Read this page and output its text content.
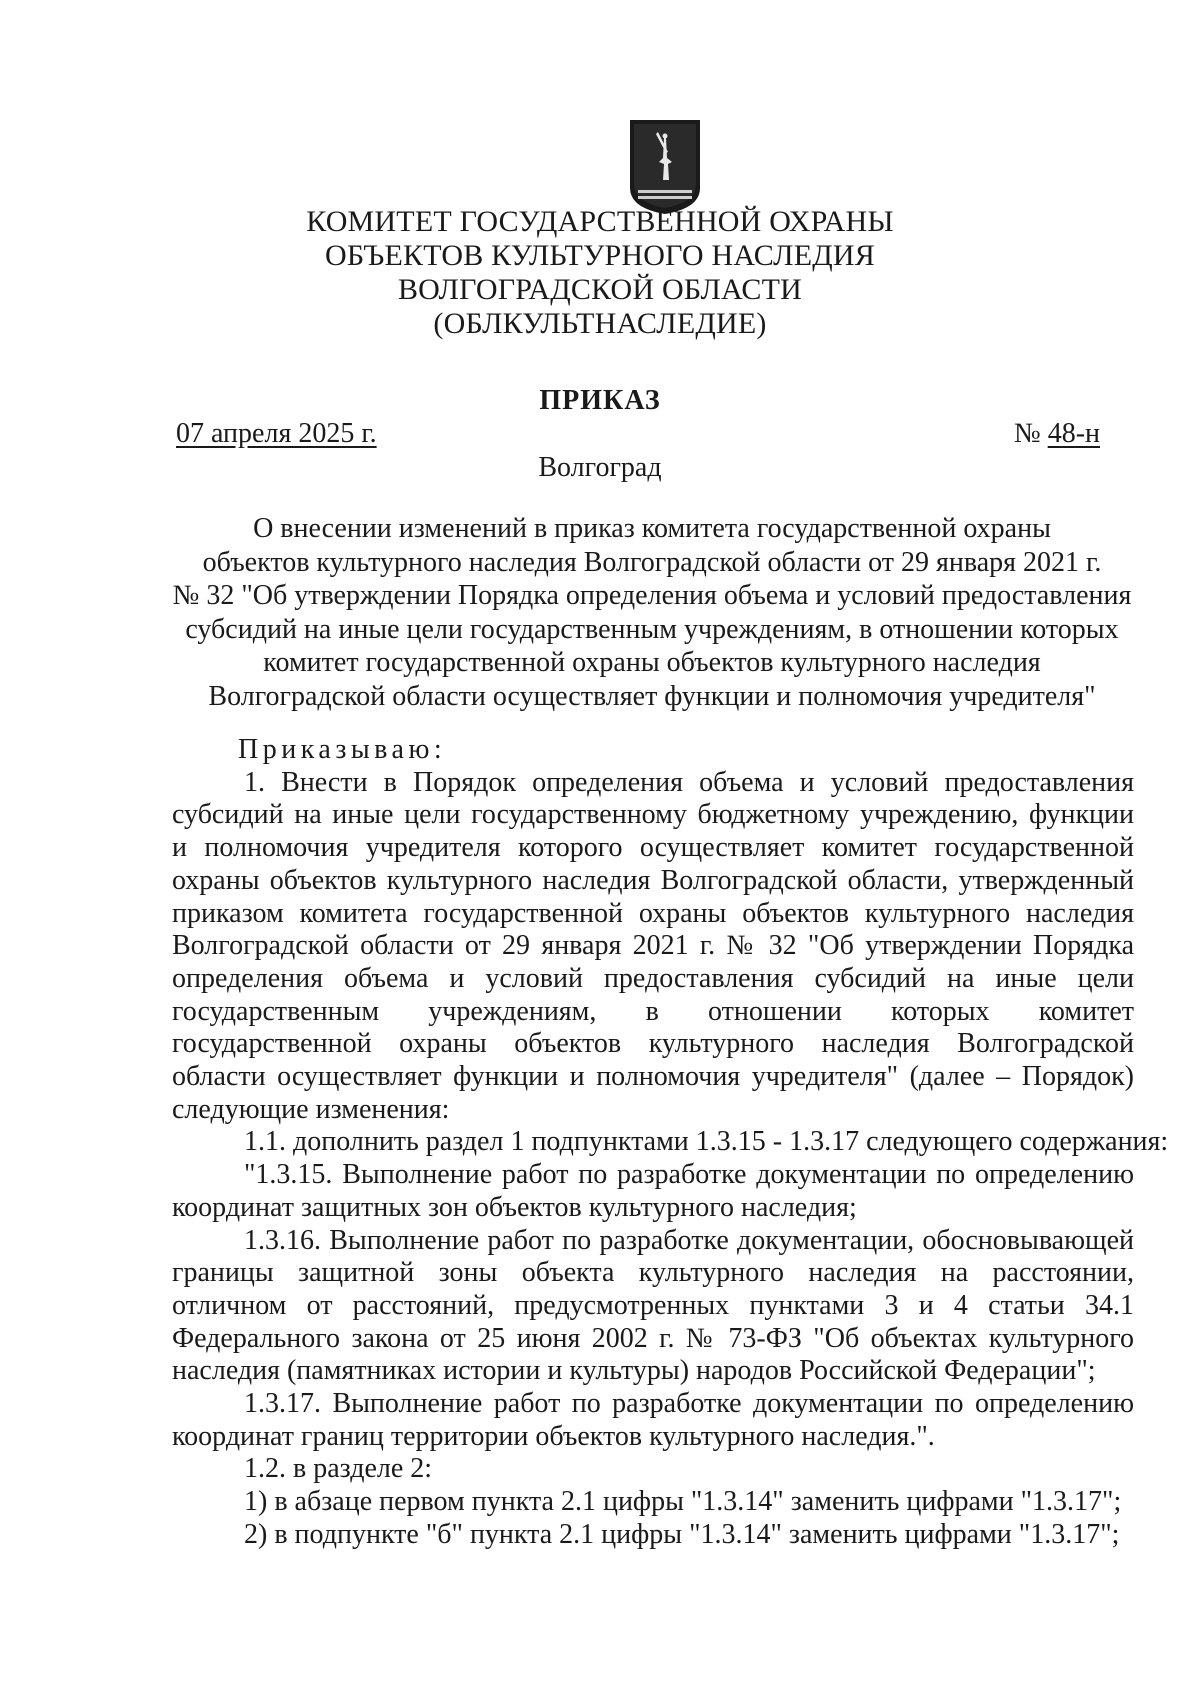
КОМИТЕТ ГОСУДАРСТВЕННОЙ ОХРАНЫ
ОБЪЕКТОВ КУЛЬТУРНОГО НАСЛЕДИЯ
ВОЛГОГРАДСКОЙ ОБЛАСТИ
(ОБЛКУЛЬТНАСЛЕДИЕ)
ПРИКАЗ
07 апреля 2025 г.	№ 48-н
Волгоград
О внесении изменений в приказ комитета государственной охраны
объектов культурного наследия Волгоградской области от 29 января 2021 г.
№ 32 "Об утверждении Порядка определения объема и условий предоставления
субсидий на иные цели государственным учреждениям, в отношении которых
комитет государственной охраны объектов культурного наследия
Волгоградской области осуществляет функции и полномочия учредителя"
Приказываю:
1. Внести в Порядок определения объема и условий предоставления
субсидий на иные цели государственному бюджетному учреждению, функции
и полномочия учредителя которого осуществляет комитет государственной
охраны объектов культурного наследия Волгоградской области, утвержденный
приказом комитета государственной охраны объектов культурного наследия
Волгоградской области от 29 января 2021 г. № 32 "Об утверждении Порядка
определения объема и условий предоставления субсидий на иные цели
государственным учреждениям, в отношении которых комитет
государственной охраны объектов культурного наследия Волгоградской
области осуществляет функции и полномочия учредителя" (далее – Порядок)
следующие изменения:
1.1. дополнить раздел 1 подпунктами 1.3.15 - 1.3.17 следующего содержания:
"1.3.15. Выполнение работ по разработке документации по определению
координат защитных зон объектов культурного наследия;
1.3.16. Выполнение работ по разработке документации, обосновывающей
границы защитной зоны объекта культурного наследия на расстоянии,
отличном от расстояний, предусмотренных пунктами 3 и 4 статьи 34.1
Федерального закона от 25 июня 2002 г. № 73-ФЗ "Об объектах культурного
наследия (памятниках истории и культуры) народов Российской Федерации";
1.3.17. Выполнение работ по разработке документации по определению
координат границ территории объектов культурного наследия.".
1.2. в разделе 2:
1) в абзаце первом пункта 2.1 цифры "1.3.14" заменить цифрами "1.3.17";
2) в подпункте "б" пункта 2.1 цифры "1.3.14" заменить цифрами "1.3.17";
